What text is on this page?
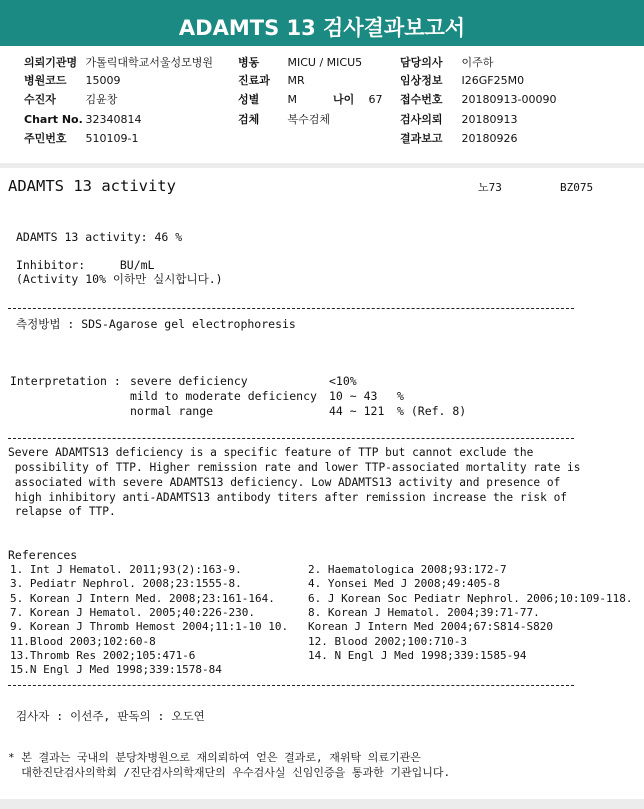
ADAMTS 13 검사결과보고서
의뢰기관명 가톨릭대학교서울성모병원 병동	MICU / MICU5	담당의사 이주하
병원코드 15009	진료과 MR	임상정보 I26GF25M0
수진자	김윤창	성별	M	나이 67 접수번호 20180913-00090
Chart No. 32340814	검체	복수검체	검사의뢰 20180913
주민번호 510109-1	결과보고 20180926
ADAMTS 13 activity	노73	BZ075
ADAMTS 13 activity: 46 %
Inhibitor:     BU/mL
(Activity 10% 이하만 실시합니다.)
측정방법 : SDS-Agarose gel electrophoresis
Interpretation : severe deficiency	<10%
mild to moderate deficiency 10 ~ 43 %
normal range	44 ~ 121 % (Ref. 8)
Severe ADAMTS13 deficiency is a specific feature of TTP but cannot exclude the
possibility of TTP. Higher remission rate and lower TTP-associated mortality rate is
associated with severe ADAMTS13 deficiency. Low ADAMTS13 activity and presence of
high inhibitory anti-ADAMTS13 antibody titers after remission increase the risk of
relapse of TTP.
References
1. Int J Hematol. 2011;93(2):163-9.	2. Haematologica 2008;93:172-7
3. Pediatr Nephrol. 2008;23:1555-8.	4. Yonsei Med J 2008;49:405-8
5. Korean J Intern Med. 2008;23:161-164.	6. J Korean Soc Pediatr Nephrol. 2006;10:109-118.
7. Korean J Hematol. 2005;40:226-230.	8. Korean J Hematol. 2004;39:71-77.
9. Korean J Thromb Hemost 2004;11:1-10 10. Korean J Intern Med 2004;67:S814-S820
11.Blood 2003;102:60-8	12. Blood 2002;100:710-3
13.Thromb Res 2002;105:471-6	14. N Engl J Med 1998;339:1585-94
15.N Engl J Med 1998;339:1578-84
검사자 : 이선주, 판독의 : 오도연
* 본 결과는 국내의 분당차병원으로 재의뢰하여 얻은 결과로, 재위탁 의료기관은
대한진단검사의학회 /진단검사의학재단의 우수검사실 신임인증을 통과한 기관입니다.
